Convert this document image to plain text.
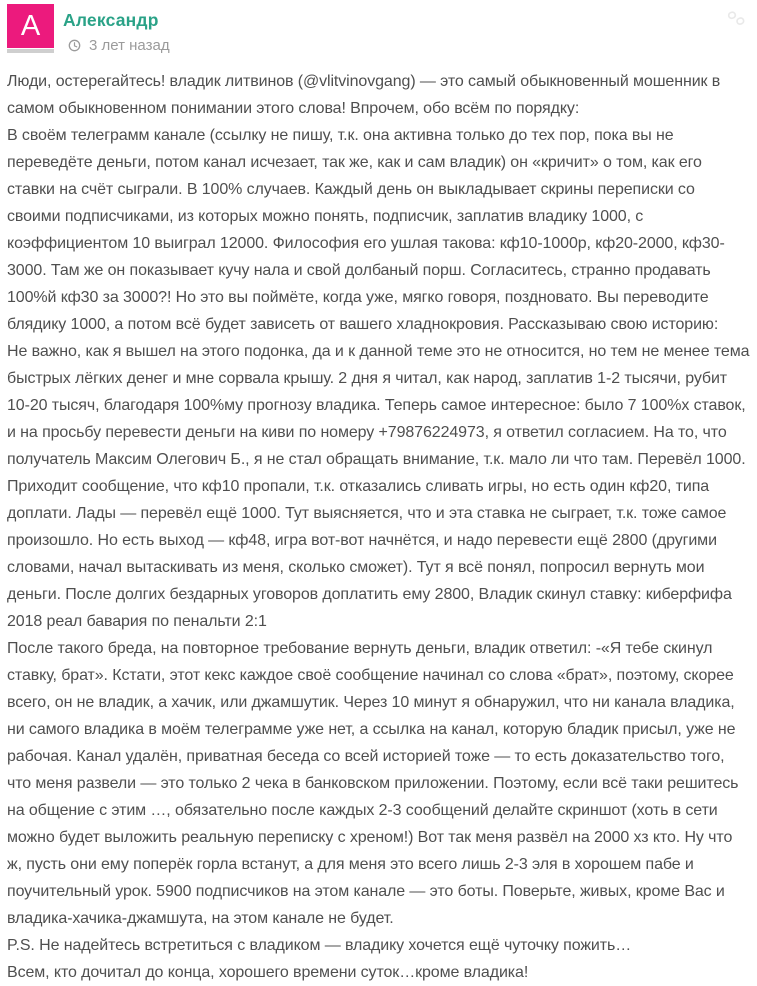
А	Александр
3 лет назад

Люди, остерегайтесь! владик литвинов (@vlitvinovgang) — это самый обыкновенный мошенник в самом обыкновенном понимании этого слова! Впрочем, обо всём по порядку:

В своём телеграмм канале (ссылку не пишу, т.к. она активна только до тех пор, пока вы не переведёте деньги, потом канал исчезает, так же, как и сам владик) он «кричит» о том, как его ставки на счёт сыграли. В 100% случаев. Каждый день он выкладывает скрины переписки со своими подписчиками, из которых можно понять, подписчик, заплатив владику 1000, с коэффициентом 10 выиграл 12000. Философия его ушлая такова: кф10-1000р, кф20-2000, кф30-3000. Там же он показывает кучу нала и свой долбаный порш. Согласитесь, странно продавать 100%й кф30 за 3000?! Но это вы поймёте, когда уже, мягко говоря, поздновато. Вы переводите блядику 1000, а потом всё будет зависеть от вашего хладнокровия. Рассказываю свою историю:

Не важно, как я вышел на этого подонка, да и к данной теме это не относится, но тем не менее тема быстрых лёгких денег и мне сорвала крышу. 2 дня я читал, как народ, заплатив 1-2 тысячи, рубит 10-20 тысяч, благодаря 100%му прогнозу владика. Теперь самое интересное: было 7 100%х ставок, и на просьбу перевести деньги на киви по номеру +79876224973, я ответил согласием. На то, что получатель Максим Олегович Б., я не стал обращать внимание, т.к. мало ли что там. Перевёл 1000. Приходит сообщение, что кф10 пропали, т.к. отказались сливать игры, но есть один кф20, типа доплати. Лады — перевёл ещё 1000. Тут выясняется, что и эта ставка не сыграет, т.к. тоже самое произошло. Но есть выход — кф48, игра вот-вот начнётся, и надо перевести ещё 2800 (другими словами, начал вытаскивать из меня, сколько сможет). Тут я всё понял, попросил вернуть мои деньги. После долгих бездарных уговоров доплатить ему 2800, Владик скинул ставку: киберфифа 2018 реал бавария по пенальти 2:1

После такого бреда, на повторное требование вернуть деньги, владик ответил: -«Я тебе скинул ставку, брат». Кстати, этот кекс каждое своё сообщение начинал со слова «брат», поэтому, скорее всего, он не владик, а хачик, или джамшутик. Через 10 минут я обнаружил, что ни канала владика, ни самого владика в моём телеграмме уже нет, а ссылка на канал, которую бладик присыл, уже не рабочая. Канал удалён, приватная беседа со всей историей тоже — то есть доказательство того, что меня развели — это только 2 чека в банковском приложении. Поэтому, если всё таки решитесь на общение с этим …, обязательно после каждых 2-3 сообщений делайте скриншот (хоть в сети можно будет выложить реальную переписку с хреном!) Вот так меня развёл на 2000 хз кто. Ну что ж, пусть они ему поперёк горла встанут, а для меня это всего лишь 2-3 эля в хорошем пабе и поучительный урок. 5900 подписчиков на этом канале — это боты. Поверьте, живых, кроме Вас и владика-хачика-джамшута, на этом канале не будет.

P.S. Не надейтесь встретиться с владиком — владику хочется ещё чуточку пожить…

Всем, кто дочитал до конца, хорошего времени суток…кроме владика!
